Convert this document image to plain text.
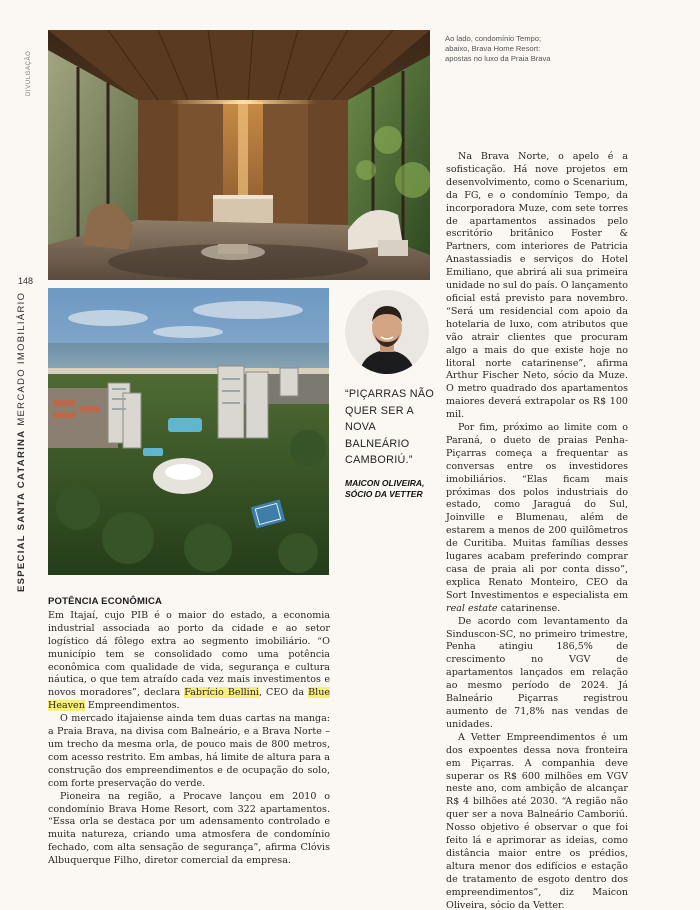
DIVULGAÇÃO
148
ESPECIAL SANTA CATARINA MERCADO IMOBILIÁRIO
Ao lado, condomínio Tempo; abaixo, Brava Home Resort: apostas no luxo da Praia Brava
“PIÇARRAS NÃO QUER SER A NOVA BALNEÁRIO CAMBORIÚ.”
MAICON OLIVEIRA, SÓCIO DA VETTER
POTÊNCIA ECONÔMICA

Em Itajaí, cujo PIB é o maior do estado, a economia industrial associada ao porto da cidade e ao setor logístico dá fôlego extra ao segmento imobiliário. “O município tem se consolidado como uma potência econômica com qualidade de vida, segurança e cultura náutica, o que tem atraído cada vez mais investimentos e novos moradores”, declara Fabrício Bellini, CEO da Blue Heaven Empreendimentos.

O mercado itajaiense ainda tem duas cartas na manga: a Praia Brava, na divisa com Balneário, e a Brava Norte – um trecho da mesma orla, de pouco mais de 800 metros, com acesso restrito. Em ambas, há limite de altura para a construção dos empreendimentos e de ocupação do solo, com forte preservação do verde.

Pioneira na região, a Procave lançou em 2010 o condomínio Brava Home Resort, com 322 apartamentos. “Essa orla se destaca por um adensamento controlado e muita natureza, criando uma atmosfera de condomínio fechado, com alta sensação de segurança”, afirma Clóvis Albuquerque Filho, diretor comercial da empresa.

Na Brava Norte, o apelo é a sofisticação. Há nove projetos em desenvolvimento, como o Scenarium, da FG, e o condomínio Tempo, da incorporadora Muze, com sete torres de apartamentos assinados pelo escritório britânico Foster & Partners, com interiores de Patricia Anastassiadis e serviços do Hotel Emiliano, que abrirá ali sua primeira unidade no sul do país. O lançamento oficial está previsto para novembro. “Será um residencial com apoio da hotelaria de luxo, com atributos que vão atrair clientes que procuram algo a mais do que existe hoje no litoral norte catarinense”, afirma Arthur Fischer Neto, sócio da Muze. O metro quadrado dos apartamentos maiores deverá extrapolar os R$ 100 mil.

Por fim, próximo ao limite com o Paraná, o dueto de praias Penha-Piçarras começa a frequentar as conversas entre os investidores imobiliários. “Elas ficam mais próximas dos polos industriais do estado, como Jaraguá do Sul, Joinville e Blumenau, além de estarem a menos de 200 quilômetros de Curitiba. Muitas famílias desses lugares acabam preferindo comprar casa de praia ali por conta disso”, explica Renato Monteiro, CEO da Sort Investimentos e especialista em real estate catarinense.

De acordo com levantamento da Sinduscon-SC, no primeiro trimestre, Penha atingiu 186,5% de crescimento no VGV de apartamentos lançados em relação ao mesmo período de 2024. Já Balneário Piçarras registrou aumento de 71,8% nas vendas de unidades.

A Vetter Empreendimentos é um dos expoentes dessa nova fronteira em Piçarras. A companhia deve superar os R$ 600 milhões em VGV neste ano, com ambição de alcançar R$ 4 bilhões até 2030. “A região não quer ser a nova Balneário Camboriú. Nosso objetivo é observar o que foi feito lá e aprimorar as ideias, como distância maior entre os prédios, altura menor dos edifícios e estação de tratamento de esgoto dentro dos empreendimentos”, diz Maicon Oliveira, sócio da Vetter.
